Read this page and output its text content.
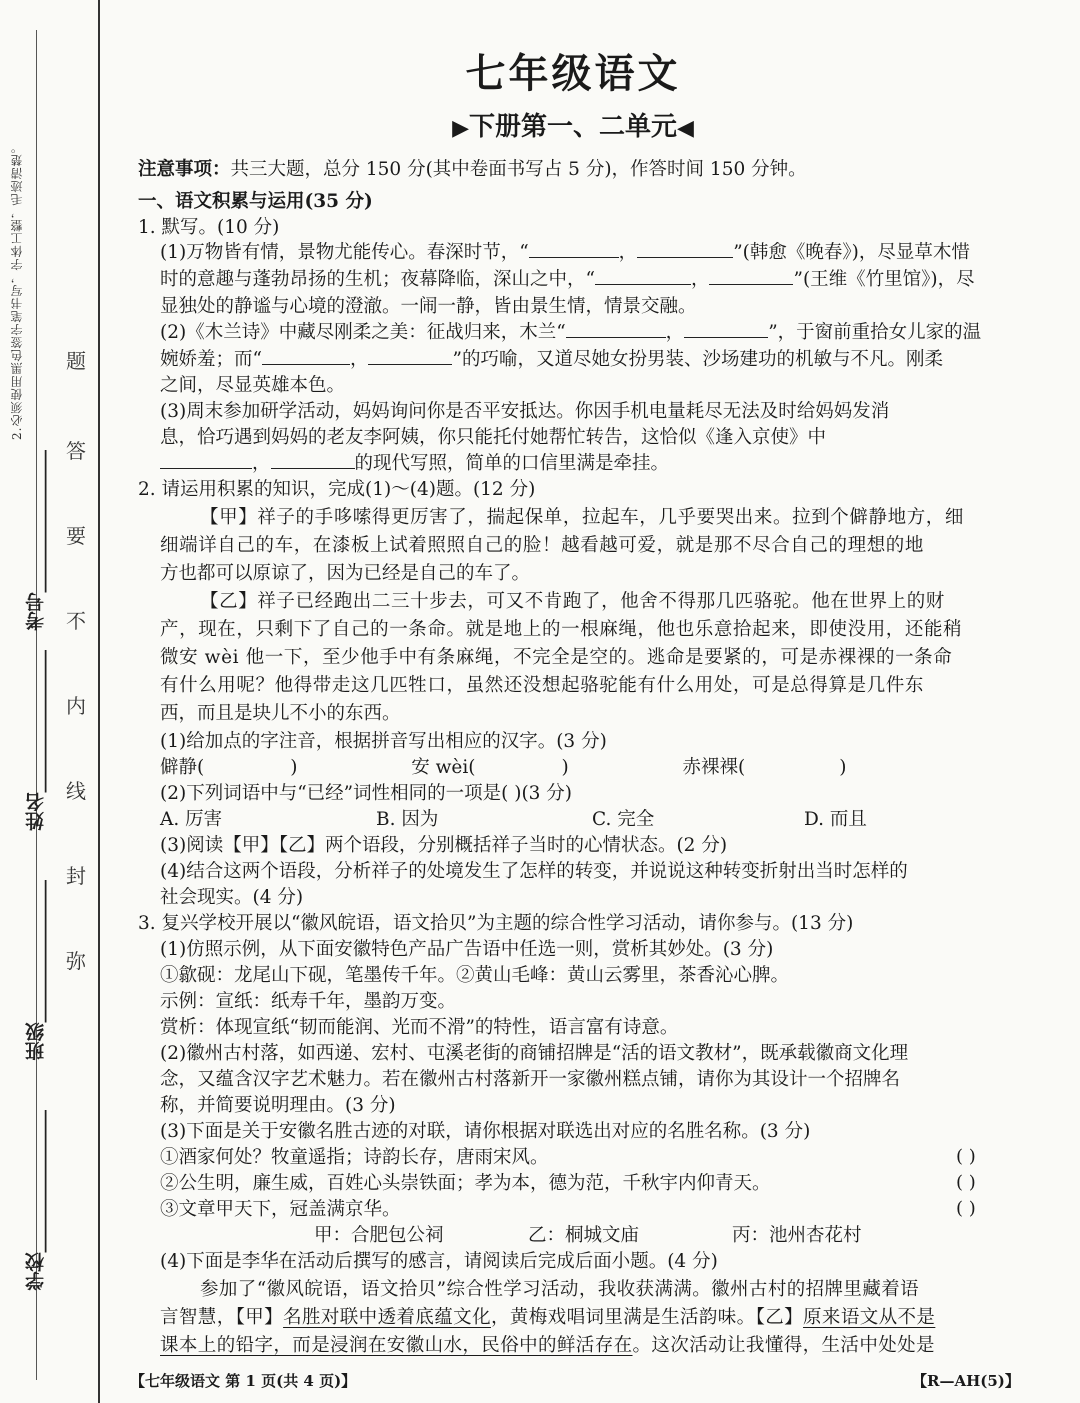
2.必须使用黑色签字笔书写，字体工整，毛迹清楚。
学校_______________
班级_______________
姓名_______________
考号_______________
弥
封
线
内
不
要
答
题
七年级语文
▶下册第一、二单元◀
注意事项：共三大题，总分 150 分(其中卷面书写占 5 分)，作答时间 150 分钟。
一、语文积累与运用(35 分)
1. 默写。(10 分)
(1)万物皆有情，景物尤能传心。春深时节，“	，	”(韩愈《晚春》)，尽显草木惜
时的意趣与蓬勃昂扬的生机；夜幕降临，深山之中，“	，	”(王维《竹里馆》)，尽
显独处的静谧与心境的澄澈。一闹一静，皆由景生情，情景交融。
(2)《木兰诗》中藏尽刚柔之美：征战归来，木兰“	，	”，于窗前重拾女儿家的温
婉娇羞；而“	，	”的巧喻，又道尽她女扮男装、沙场建功的机敏与不凡。刚柔
之间，尽显英雄本色。
(3)周末参加研学活动，妈妈询问你是否平安抵达。你因手机电量耗尽无法及时给妈妈发消
息，恰巧遇到妈妈的老友李阿姨，你只能托付她帮忙转告，这恰似《逢入京使》中
，	的现代写照，简单的口信里满是牵挂。
2. 请运用积累的知识，完成(1)～(4)题。(12 分)
【甲】祥子的手哆嗦得更厉害了，揣起保单，拉起车，几乎要哭出来。拉到个僻静地方，细
细端详自己的车，在漆板上试着照照自己的脸！越看越可爱，就是那不尽合自己的理想的地
方也都可以原谅了，因为已经是自己的车了。
【乙】祥子已经跑出二三十步去，可又不肯跑了，他舍不得那几匹骆驼。他在世界上的财
产，现在，只剩下了自己的一条命。就是地上的一根麻绳，他也乐意拾起来，即使没用，还能稍
微安 wèi 他一下，至少他手中有条麻绳，不完全是空的。逃命是要紧的，可是赤裸裸的一条命
有什么用呢？他得带走这几匹牲口，虽然还没想起骆驼能有什么用处，可是总得算是几件东
西，而且是块儿不小的东西。
(1)给加点的字注音，根据拼音写出相应的汉字。(3 分)
僻静(	)	安 wèi(	)	赤裸裸(	)
(2)下列词语中与“已经”词性相同的一项是( )(3 分)
A. 厉害	B. 因为	C. 完全	D. 而且
(3)阅读【甲】【乙】两个语段，分别概括祥子当时的心情状态。(2 分)
(4)结合这两个语段，分析祥子的处境发生了怎样的转变，并说说这种转变折射出当时怎样的
社会现实。(4 分)
3. 复兴学校开展以“徽风皖语，语文拾贝”为主题的综合性学习活动，请你参与。(13 分)
(1)仿照示例，从下面安徽特色产品广告语中任选一则，赏析其妙处。(3 分)
①歙砚：龙尾山下砚，笔墨传千年。②黄山毛峰：黄山云雾里，茶香沁心脾。
示例：宣纸：纸寿千年，墨韵万变。
赏析：体现宣纸“韧而能润、光而不滑”的特性，语言富有诗意。
(2)徽州古村落，如西递、宏村、屯溪老街的商铺招牌是“活的语文教材”，既承载徽商文化理
念，又蕴含汉字艺术魅力。若在徽州古村落新开一家徽州糕点铺，请你为其设计一个招牌名
称，并简要说明理由。(3 分)
(3)下面是关于安徽名胜古迹的对联，请你根据对联选出对应的名胜名称。(3 分)
①酒家何处？牧童遥指；诗韵长存，唐雨宋风。	( )
②公生明，廉生威，百姓心头崇铁面；孝为本，德为范，千秋宇内仰青天。	( )
③文章甲天下，冠盖满京华。	( )
甲：合肥包公祠	乙：桐城文庙	丙：池州杏花村
(4)下面是李华在活动后撰写的感言，请阅读后完成后面小题。(4 分)
参加了“徽风皖语，语文拾贝”综合性学习活动，我收获满满。徽州古村的招牌里藏着语
言智慧，【甲】名胜对联中透着底蕴文化，黄梅戏唱词里满是生活韵味。【乙】原来语文从不是
课本上的铅字，而是浸润在安徽山水，民俗中的鲜活存在。这次活动让我懂得，生活中处处是
【七年级语文 第 1 页(共 4 页)】	【R—AH(5)】
